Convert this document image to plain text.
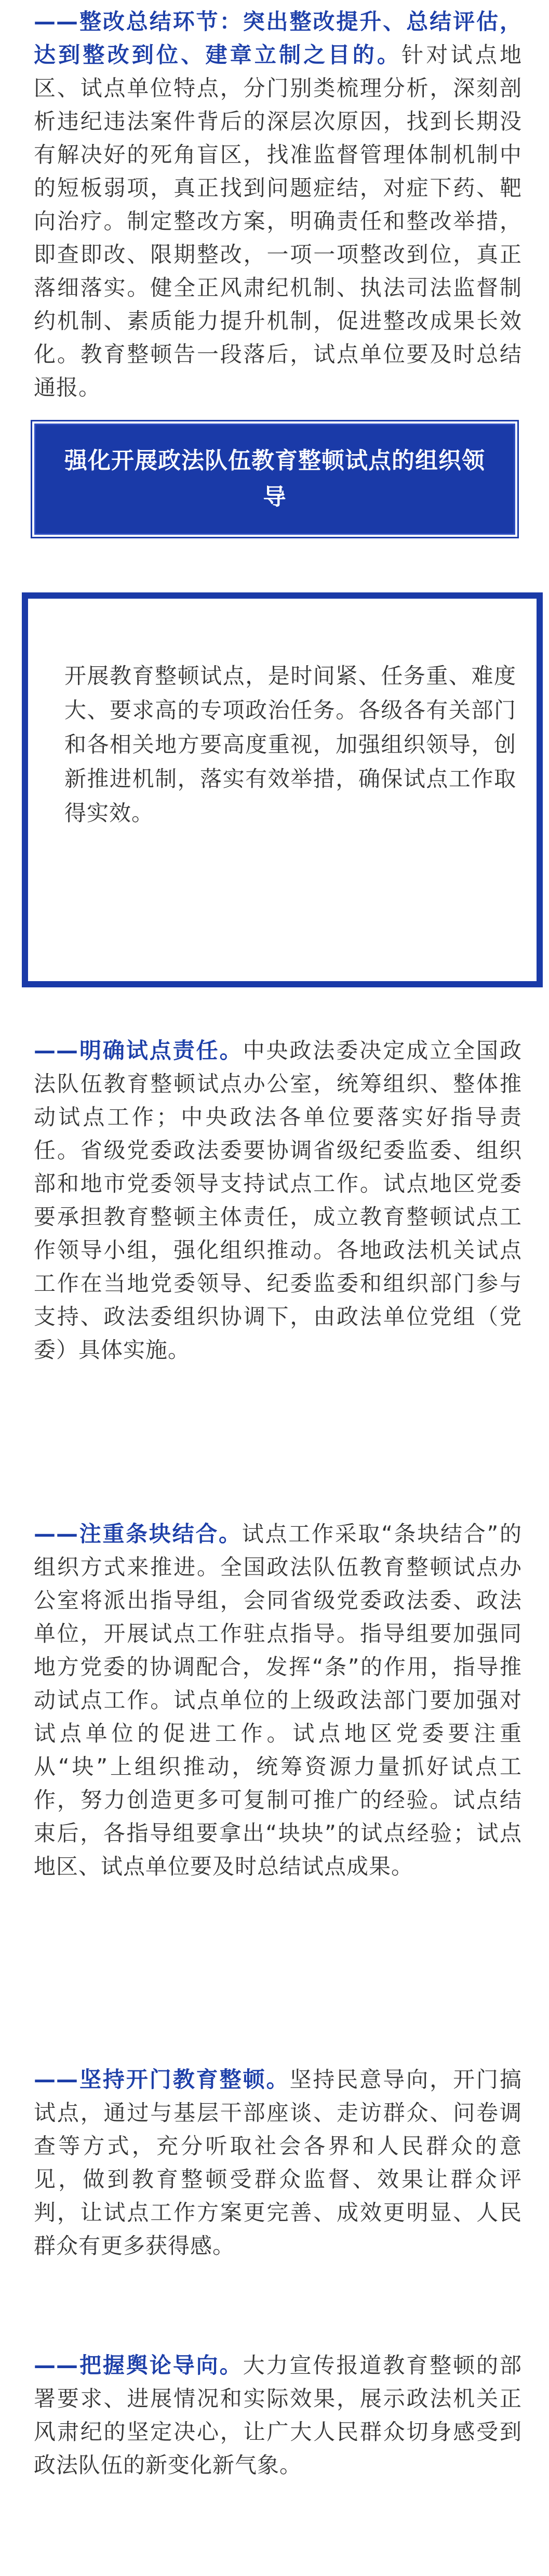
——整改总结环节：突出整改提升、总结评估，达到整改到位、建章立制之目的。针对试点地区、试点单位特点，分门别类梳理分析，深刻剖析违纪违法案件背后的深层次原因，找到长期没有解决好的死角盲区，找准监督管理体制机制中的短板弱项，真正找到问题症结，对症下药、靶向治疗。制定整改方案，明确责任和整改举措，即查即改、限期整改，一项一项整改到位，真正落细落实。健全正风肃纪机制、执法司法监督制约机制、素质能力提升机制，促进整改成果长效化。教育整顿告一段落后，试点单位要及时总结通报。

强化开展政法队伍教育整顿试点的组织领导

开展教育整顿试点，是时间紧、任务重、难度大、要求高的专项政治任务。各级各有关部门和各相关地方要高度重视，加强组织领导，创新推进机制，落实有效举措，确保试点工作取得实效。

——明确试点责任。中央政法委决定成立全国政法队伍教育整顿试点办公室，统筹组织、整体推动试点工作；中央政法各单位要落实好指导责任。省级党委政法委要协调省级纪委监委、组织部和地市党委领导支持试点工作。试点地区党委要承担教育整顿主体责任，成立教育整顿试点工作领导小组，强化组织推动。各地政法机关试点工作在当地党委领导、纪委监委和组织部门参与支持、政法委组织协调下，由政法单位党组（党委）具体实施。

——注重条块结合。试点工作采取“条块结合”的组织方式来推进。全国政法队伍教育整顿试点办公室将派出指导组，会同省级党委政法委、政法单位，开展试点工作驻点指导。指导组要加强同地方党委的协调配合，发挥“条”的作用，指导推动试点工作。试点单位的上级政法部门要加强对试点单位的促进工作。试点地区党委要注重从“块”上组织推动，统筹资源力量抓好试点工作，努力创造更多可复制可推广的经验。试点结束后，各指导组要拿出“块块”的试点经验；试点地区、试点单位要及时总结试点成果。

——坚持开门教育整顿。坚持民意导向，开门搞试点，通过与基层干部座谈、走访群众、问卷调查等方式，充分听取社会各界和人民群众的意见，做到教育整顿受群众监督、效果让群众评判，让试点工作方案更完善、成效更明显、人民群众有更多获得感。

——把握舆论导向。大力宣传报道教育整顿的部署要求、进展情况和实际效果，展示政法机关正风肃纪的坚定决心，让广大人民群众切身感受到政法队伍的新变化新气象。
